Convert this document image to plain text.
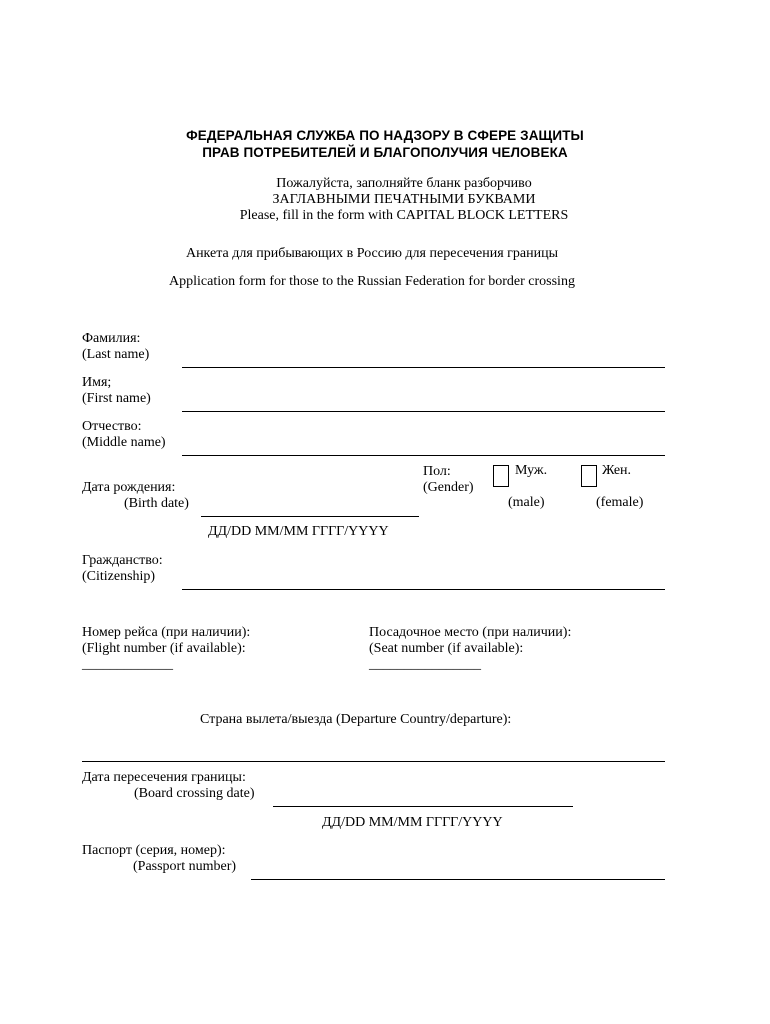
ФЕДЕРАЛЬНАЯ СЛУЖБА ПО НАДЗОРУ В СФЕРЕ ЗАЩИТЫ
ПРАВ ПОТРЕБИТЕЛЕЙ И БЛАГОПОЛУЧИЯ ЧЕЛОВЕКА
Пожалуйста, заполняйте бланк разборчиво
ЗАГЛАВНЫМИ ПЕЧАТНЫМИ БУКВАМИ
Please, fill in the form with CAPITAL BLOCK LETTERS
Анкета для прибывающих в Россию для пересечения границы
Application form for those to the Russian Federation for border crossing
Фамилия:
(Last name)
Имя;
(First name)
Отчество:
(Middle name)
Дата рождения:
(Birth date)
ДД/DD ММ/MM ГГГГ/YYYY
Пол:
(Gender)
Муж.
(male)
Жен.
(female)
Гражданство:
(Citizenship)
Номер рейса (при наличии):
(Flight number (if available):
_____________
Посадочное место (при наличии):
(Seat number (if available):
________________
Страна вылета/выезда (Departure Country/departure):
Дата пересечения границы:
(Board crossing date)
ДД/DD ММ/MM ГГГГ/YYYY
Паспорт (серия, номер):
(Passport number)
